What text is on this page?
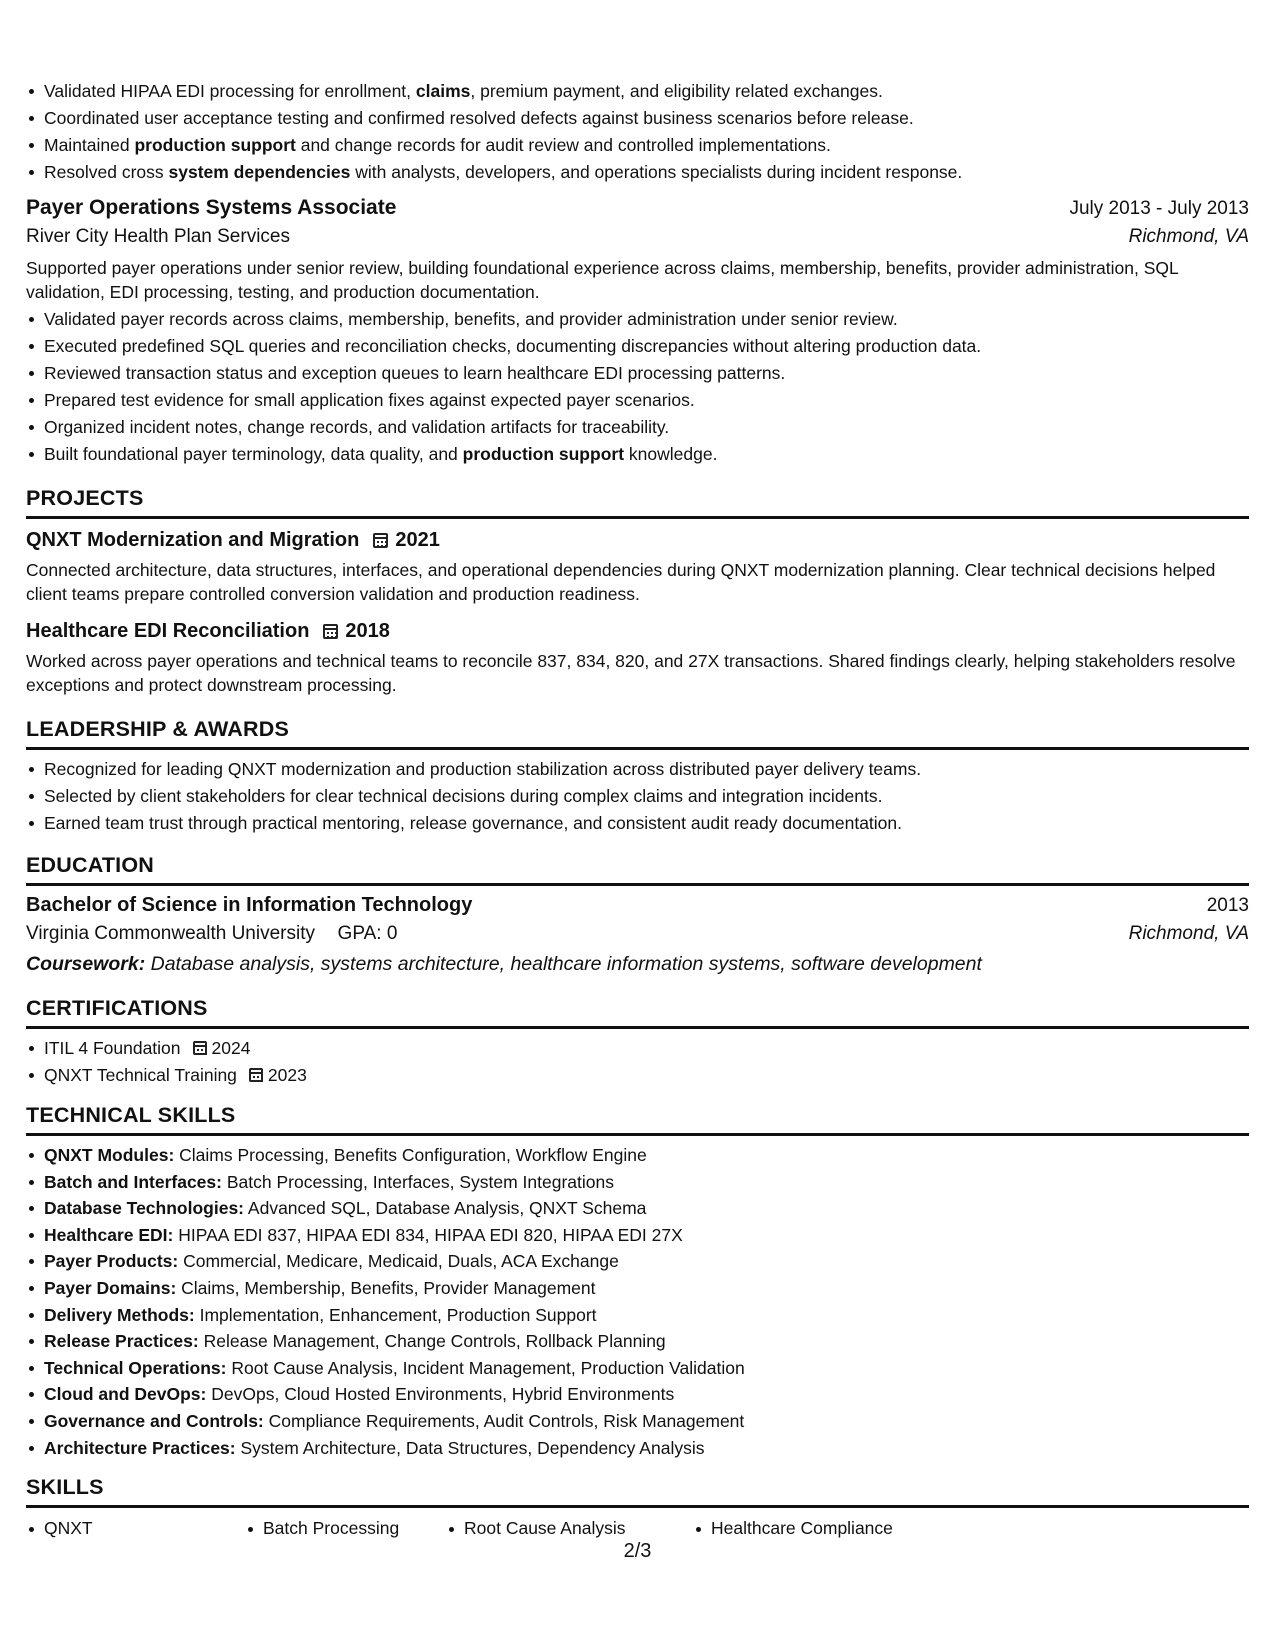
Validated HIPAA EDI processing for enrollment, claims, premium payment, and eligibility related exchanges.
Coordinated user acceptance testing and confirmed resolved defects against business scenarios before release.
Maintained production support and change records for audit review and controlled implementations.
Resolved cross system dependencies with analysts, developers, and operations specialists during incident response.
Payer Operations Systems Associate	July 2013 - July 2013
River City Health Plan Services	Richmond, VA
Supported payer operations under senior review, building foundational experience across claims, membership, benefits, provider administration, SQL validation, EDI processing, testing, and production documentation.
Validated payer records across claims, membership, benefits, and provider administration under senior review.
Executed predefined SQL queries and reconciliation checks, documenting discrepancies without altering production data.
Reviewed transaction status and exception queues to learn healthcare EDI processing patterns.
Prepared test evidence for small application fixes against expected payer scenarios.
Organized incident notes, change records, and validation artifacts for traceability.
Built foundational payer terminology, data quality, and production support knowledge.
PROJECTS
QNXT Modernization and Migration 2021
Connected architecture, data structures, interfaces, and operational dependencies during QNXT modernization planning. Clear technical decisions helped client teams prepare controlled conversion validation and production readiness.
Healthcare EDI Reconciliation 2018
Worked across payer operations and technical teams to reconcile 837, 834, 820, and 27X transactions. Shared findings clearly, helping stakeholders resolve exceptions and protect downstream processing.
LEADERSHIP & AWARDS
Recognized for leading QNXT modernization and production stabilization across distributed payer delivery teams.
Selected by client stakeholders for clear technical decisions during complex claims and integration incidents.
Earned team trust through practical mentoring, release governance, and consistent audit ready documentation.
EDUCATION
Bachelor of Science in Information Technology	2013
Virginia Commonwealth University GPA: 0	Richmond, VA
Coursework: Database analysis, systems architecture, healthcare information systems, software development
CERTIFICATIONS
ITIL 4 Foundation 2024
QNXT Technical Training 2023
TECHNICAL SKILLS
QNXT Modules: Claims Processing, Benefits Configuration, Workflow Engine
Batch and Interfaces: Batch Processing, Interfaces, System Integrations
Database Technologies: Advanced SQL, Database Analysis, QNXT Schema
Healthcare EDI: HIPAA EDI 837, HIPAA EDI 834, HIPAA EDI 820, HIPAA EDI 27X
Payer Products: Commercial, Medicare, Medicaid, Duals, ACA Exchange
Payer Domains: Claims, Membership, Benefits, Provider Management
Delivery Methods: Implementation, Enhancement, Production Support
Release Practices: Release Management, Change Controls, Rollback Planning
Technical Operations: Root Cause Analysis, Incident Management, Production Validation
Cloud and DevOps: DevOps, Cloud Hosted Environments, Hybrid Environments
Governance and Controls: Compliance Requirements, Audit Controls, Risk Management
Architecture Practices: System Architecture, Data Structures, Dependency Analysis
SKILLS
QNXT	Batch Processing	Root Cause Analysis	Healthcare Compliance
2/3
